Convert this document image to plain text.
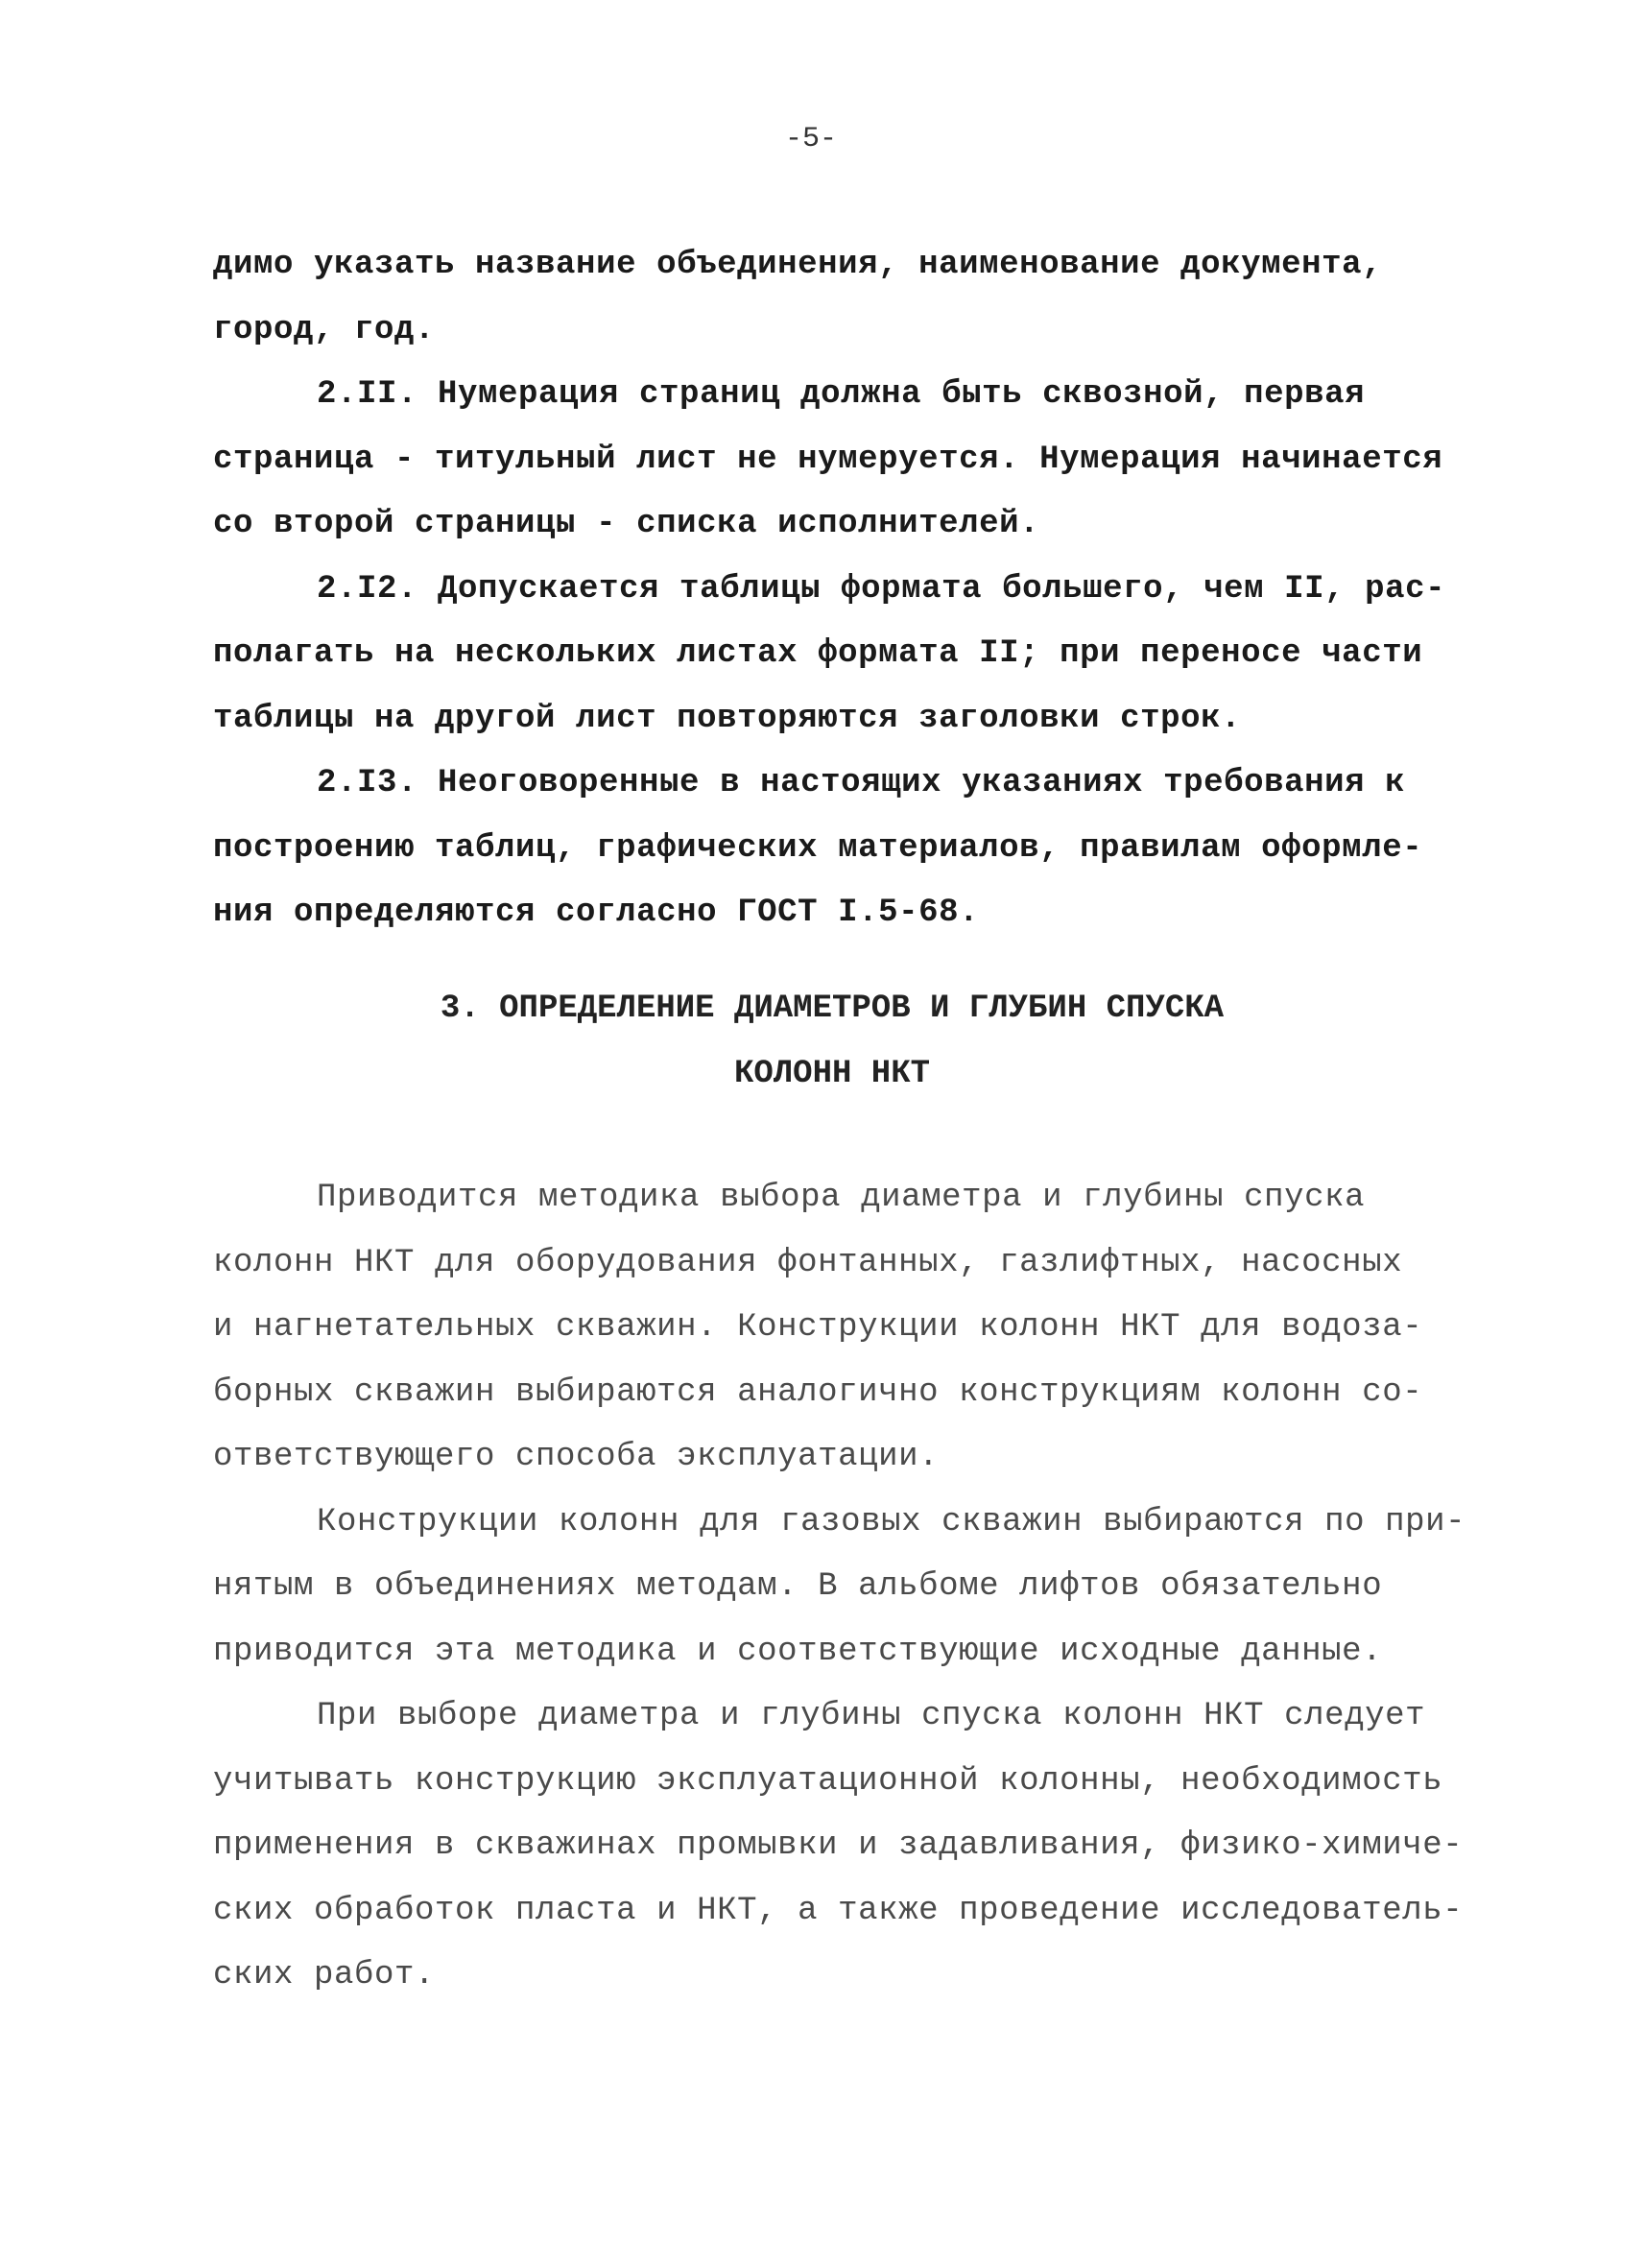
-5-
димо указать название объединения, наименование документа,
город, год.
2.II. Нумерация страниц должна быть сквозной, первая
страница - титульный лист не нумеруется. Нумерация начинается
со второй страницы - списка исполнителей.
2.I2. Допускается таблицы формата большего, чем II, рас-
полагать на нескольких листах формата II; при переносе части
таблицы на другой лист повторяются заголовки строк.
2.I3. Неоговоренные в настоящих указаниях требования к
построению таблиц, графических материалов, правилам оформле-
ния определяются согласно ГОСТ I.5-68.
3. ОПРЕДЕЛЕНИЕ ДИАМЕТРОВ И ГЛУБИН СПУСКА
КОЛОНН НКТ
Приводится методика выбора диаметра и глубины спуска
колонн НКТ для оборудования фонтанных, газлифтных, насосных
и нагнетательных скважин. Конструкции колонн НКТ для водоза-
борных скважин выбираются аналогично конструкциям колонн со-
ответствующего способа эксплуатации.
Конструкции колонн для газовых скважин выбираются по при-
нятым в объединениях методам. В альбоме лифтов обязательно
приводится эта методика и соответствующие исходные данные.
При выборе диаметра и глубины спуска колонн НКТ следует
учитывать конструкцию эксплуатационной колонны, необходимость
применения в скважинах промывки и задавливания, физико-химиче-
ских обработок пласта и НКТ, а также проведение исследователь-
ских работ.
